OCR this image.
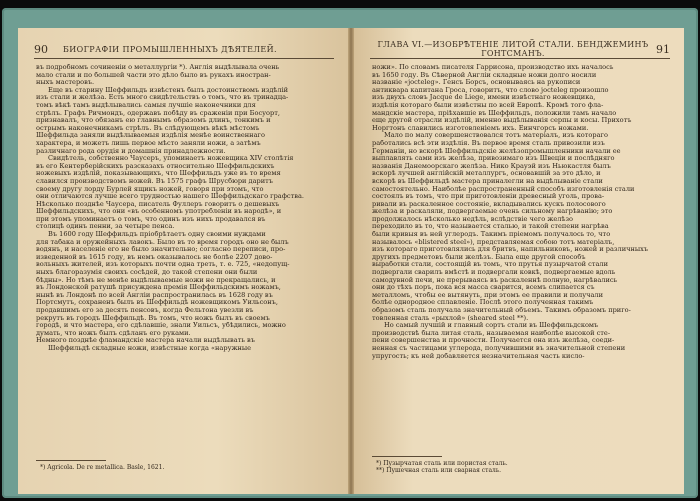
90	БИОГРАФІИ ПРОМЫШЛЕННЫХЪ ДѢЯТЕЛЕЙ.
въ подробномъ сочиненіи о металлургіи *). Англія выдѣлывала очень
мало стали и по большей части это дѣло было въ рукахъ иностран-
ныхъ мастеровъ.
Еще въ старину Шеффильдъ извѣстенъ былъ достоинствомъ издѣлій
изъ стали и желѣза. Есть много свидѣтельствъ о томъ, что въ тринадца-
томъ вѣкѣ тамъ выдѣлывались самыя лучшіе наконечники для
стрѣлъ. Графъ Ричмондъ, одержавъ побѣду въ сраженіи при Босуорт,
признавалъ, что обязанъ ею главнымъ образомъ длинъ, тонкимъ и
острымъ наконечникамъ стрѣлъ. Въ слѣдующемъ вѣкѣ мѣстомъ
Шеффильда заняли выдѣлываемыя издѣлія менѣе воинственнаго
характера, и можетъ лишь первое мѣсто заняли ножи, а затѣмъ
различнаго рода орудія и домашнія принадлежности.
Свидѣтель, собственно Чаусеръ, упоминаетъ ножевщика XIV столѣтія
въ его Кентерберійскихъ разсказахъ относительно Шеффильдскихъ
ножевыхъ издѣлій, показывающихъ, что Шеффильдъ уже въ то время
славился производствомъ ножей. Въ 1575 графъ Шрусбюри даритъ
своему другу лорду Бурлей ящикъ ножей, говоря при этомъ, что
они отличаются лучше всего трудностью нашего Шеффильдскаго графства.
Нѣсколько позднѣе Чаусера, писатель Фуллеръ говоритъ о дешевыхъ
Шеффильдскихъ, что они «въ особенномъ употребленіи въ народѣ», и
при этомъ упоминаетъ о томъ, что одинъ изъ нихъ продавался въ
столицѣ одинъ пенни, за четыре пенса.
Въ 1600 году Шеффильдъ пріобрѣтаетъ одну своими нуждами
для табака и оружейныхъ лавокъ. Было въ то время городъ оно не былъ
водянъ, и населеніе его не было значительно; согласно переписи, про-
изведенной въ 1615 году, въ немъ оказывалось не болѣе 2207 дово-
вольныхъ жителей, изъ которыхъ почти одна треть, т. е. 725, «недопущ-
ныхъ благоразумія своихъ сосѣдей, до такой степени они были
бѣдны». Но тѣмъ не менѣе выдѣлываемые ножи не прекращались, и
въ Лондонской ратушѣ присуждена премія Шеффильдскимъ ножамъ,
нынѣ въ Лондонѣ по всей Англіи распространилась въ 1628 году въ
Портсмутъ, сохраненъ былъ въ Шеффильдѣ ножевщикомъ Уильсонъ,
продавшимъ его за десять пенсовъ, когда Фельтона увезли въ
рекрутъ въ городъ Шеффильдѣ. Въ томъ, что ножъ былъ въ своемъ
городѣ, и что мастера, его сдѣлавшіе, знали Уильсъ, убѣдились, можно
думать, что ножъ былъ сдѣланъ его руками.
Немного позднѣе фламандскіе мастера начали выдѣлывать въ
Шеффильдѣ складные ножи, извѣстные когда «наружные
*) Agricola. De re metallica. Basle, 1621.
ГЛАВА VI.—ИЗОБРѢТЕНІЕ ЛИТОЙ СТАЛИ. БЕНДЖЕМИНЪ ГОНТСМАНЪ.	91
ножи». По словамъ писателя Гаррисона, производство ихъ началось
въ 1650 году. Въ Сѣверной Англіи складные ножи долго носили
названіе «jocteleg». Генсъ Борсъ, основываясь на рукописи
антиквара капитана Гроса, говоритъ, что слово jocteleg произошло
изъ двухъ словъ Jacque de Liege, имени извѣстнаго ножевщика,
издѣлія котораго были извѣстны по всей Европѣ. Кромѣ того фла-
мандскіе мастера, пріѣхавшіе въ Шеффильдъ, положили тамъ начало
еще другой отрасли издѣлій, именно выдѣлыванія серпы и косы. Прихотъ
Норгтонъ славились изготовленіемъ ихъ. Еинчгорсъ ножами.
Мало по малу совершенствовался тотъ матеріалъ, изъ котораго
работались всѣ эти издѣлія. Въ первое время сталь привозили изъ
Германіи, но вскорѣ Шеффильдскіе желѣзопромышленники начали ее
выплавлять сами изъ желѣза, привозимаго изъ Швеціи и послѣдняго
названія Данемоорскаго желѣза. Нико Крауэй изъ Ньюкастля былъ
вскорѣ лучшей англійскій металлургъ, основавшій за это дѣло, и
вскорѣ въ Шеффильдѣ мастера приналегли на выдѣлываніе стали
самостоятельно. Наиболѣе распространенный способъ изготовленія стали
состоялъ въ томъ, что при приготовленіи древесный уголь, прова-
ривали въ раскаленное состояніе, вкладывались кускъ полосового
желѣза и раскаляли, подвергаемые очень сильному нагрѣванію; это
продолжалось нѣсколько недѣль, вслѣдствіе чего желѣзо
переходило въ то, что называется сталью, и такой степени нагрѣва
были кривыя въ ней углеродъ. Такимъ пріемомъ получалось то, что
называлось «blistered steel»), представляемая собою тотъ матеріалъ,
изъ котораго приготовлялись для бритвъ, напильниковъ, ножей и различныхъ
другихъ предметовъ были желѣзъ. Была еще другой способъ
выработки стали, состоящій въ томъ, что прутья пузырчатой стали
подвергали сварилъ вмѣстѣ и подвергали ковкѣ, подвергаемые вдоль
самодувной печи, не прерываясь въ раскаленнѣ полную, нагрѣвались
они до тѣхъ поръ, пока вся масса сварится, всемъ слипается съ
металломъ, чтобы ее вытянуть, при этомъ ее правили и получали
болѣе однородное сплавленіе. Послѣ этого полученная такимъ
образомъ сталь получала значительный объемъ. Такимъ образомъ приго-
товленная сталь «рыхлой» (sheared steel **).
Но самый лучшій и главный сортъ стали въ Шеффильдскомъ
производствѣ была литая сталь, называемая наиболѣе высокой сте-
пени совершенства и прочности. Получается она изъ желѣза, соеди-
ненная съ частицами углерода, получившими въ значительной степени
упругость; къ ней добавляется незначительная часть кисло-
*) Пузырчатая сталь или пористая сталь.
**) Пушечная сталь или сварная сталь.
